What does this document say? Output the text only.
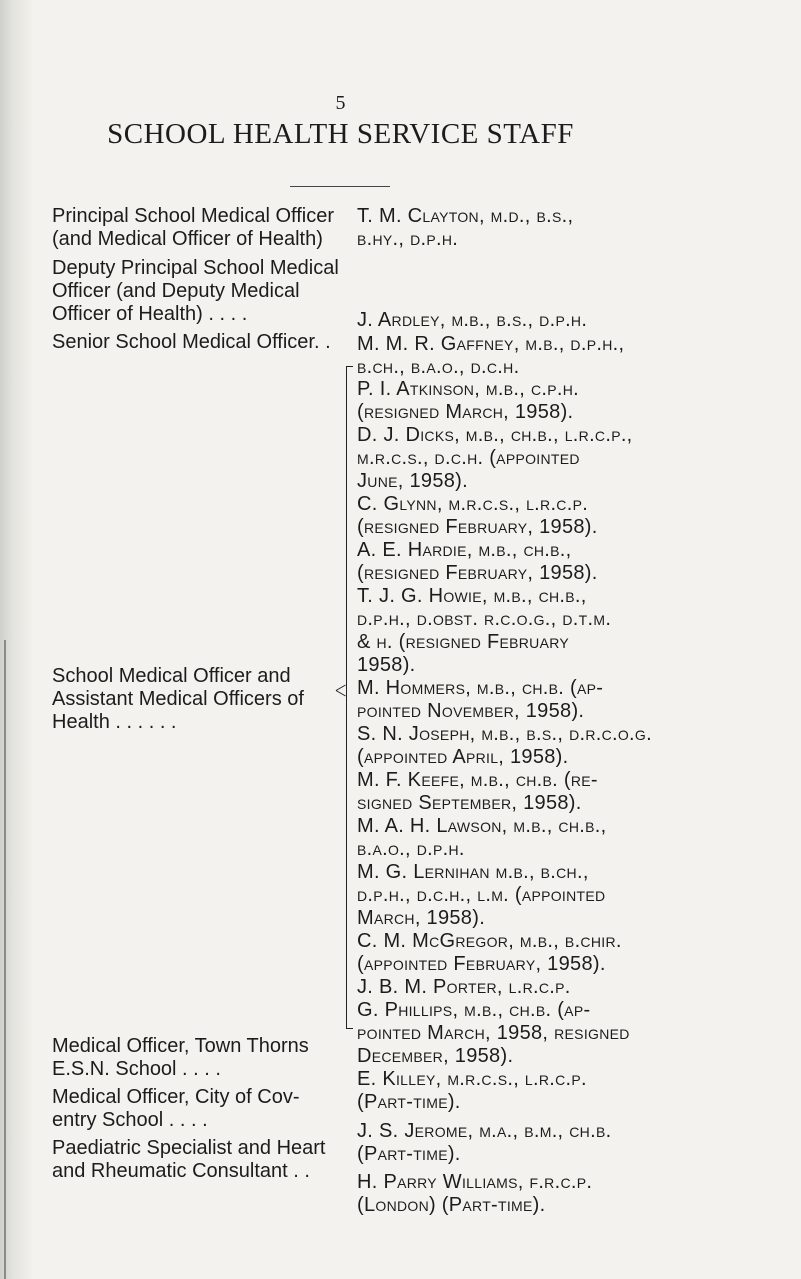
5
SCHOOL HEALTH SERVICE STAFF
Principal School Medical Officer
(and Medical Officer of Health)
Deputy Principal School Medical
Officer (and Deputy Medical
Officer of Health) . . . .
Senior School Medical Officer. .
School Medical Officer and
Assistant Medical Officers of
Health . . . . . .
Medical Officer, Town Thorns
E.S.N. School . . . .
Medical Officer, City of Cov-
entry School . . . .
Paediatric Specialist and Heart
and Rheumatic Consultant . .
T. M. Clayton, m.d., b.s.,
b.hy., d.p.h.
J. Ardley, m.b., b.s., d.p.h.
M. M. R. Gaffney, m.b., d.p.h.,
b.ch., b.a.o., d.c.h.
P. I. Atkinson, m.b., c.p.h.
(resigned March, 1958).
D. J. Dicks, m.b., ch.b., l.r.c.p.,
m.r.c.s., d.c.h. (appointed
June, 1958).
C. Glynn, m.r.c.s., l.r.c.p.
(resigned February, 1958).
A. E. Hardie, m.b., ch.b.,
(resigned February, 1958).
T. J. G. Howie, m.b., ch.b.,
d.p.h., d.obst. r.c.o.g., d.t.m.
& h. (resigned February
1958).
M. Hommers, m.b., ch.b. (ap-
pointed November, 1958).
S. N. Joseph, m.b., b.s., d.r.c.o.g.
(appointed April, 1958).
M. F. Keefe, m.b., ch.b. (re-
signed September, 1958).
M. A. H. Lawson, m.b., ch.b.,
b.a.o., d.p.h.
M. G. Lernihan m.b., b.ch.,
d.p.h., d.c.h., l.m. (appointed
March, 1958).
C. M. McGregor, m.b., b.chir.
(appointed February, 1958).
J. B. M. Porter, l.r.c.p.
G. Phillips, m.b., ch.b. (ap-
pointed March, 1958, resigned
December, 1958).
E. Killey, m.r.c.s., l.r.c.p.
(Part-time).
J. S. Jerome, m.a., b.m., ch.b.
(Part-time).
H. Parry Williams, f.r.c.p.
(London) (Part-time).
